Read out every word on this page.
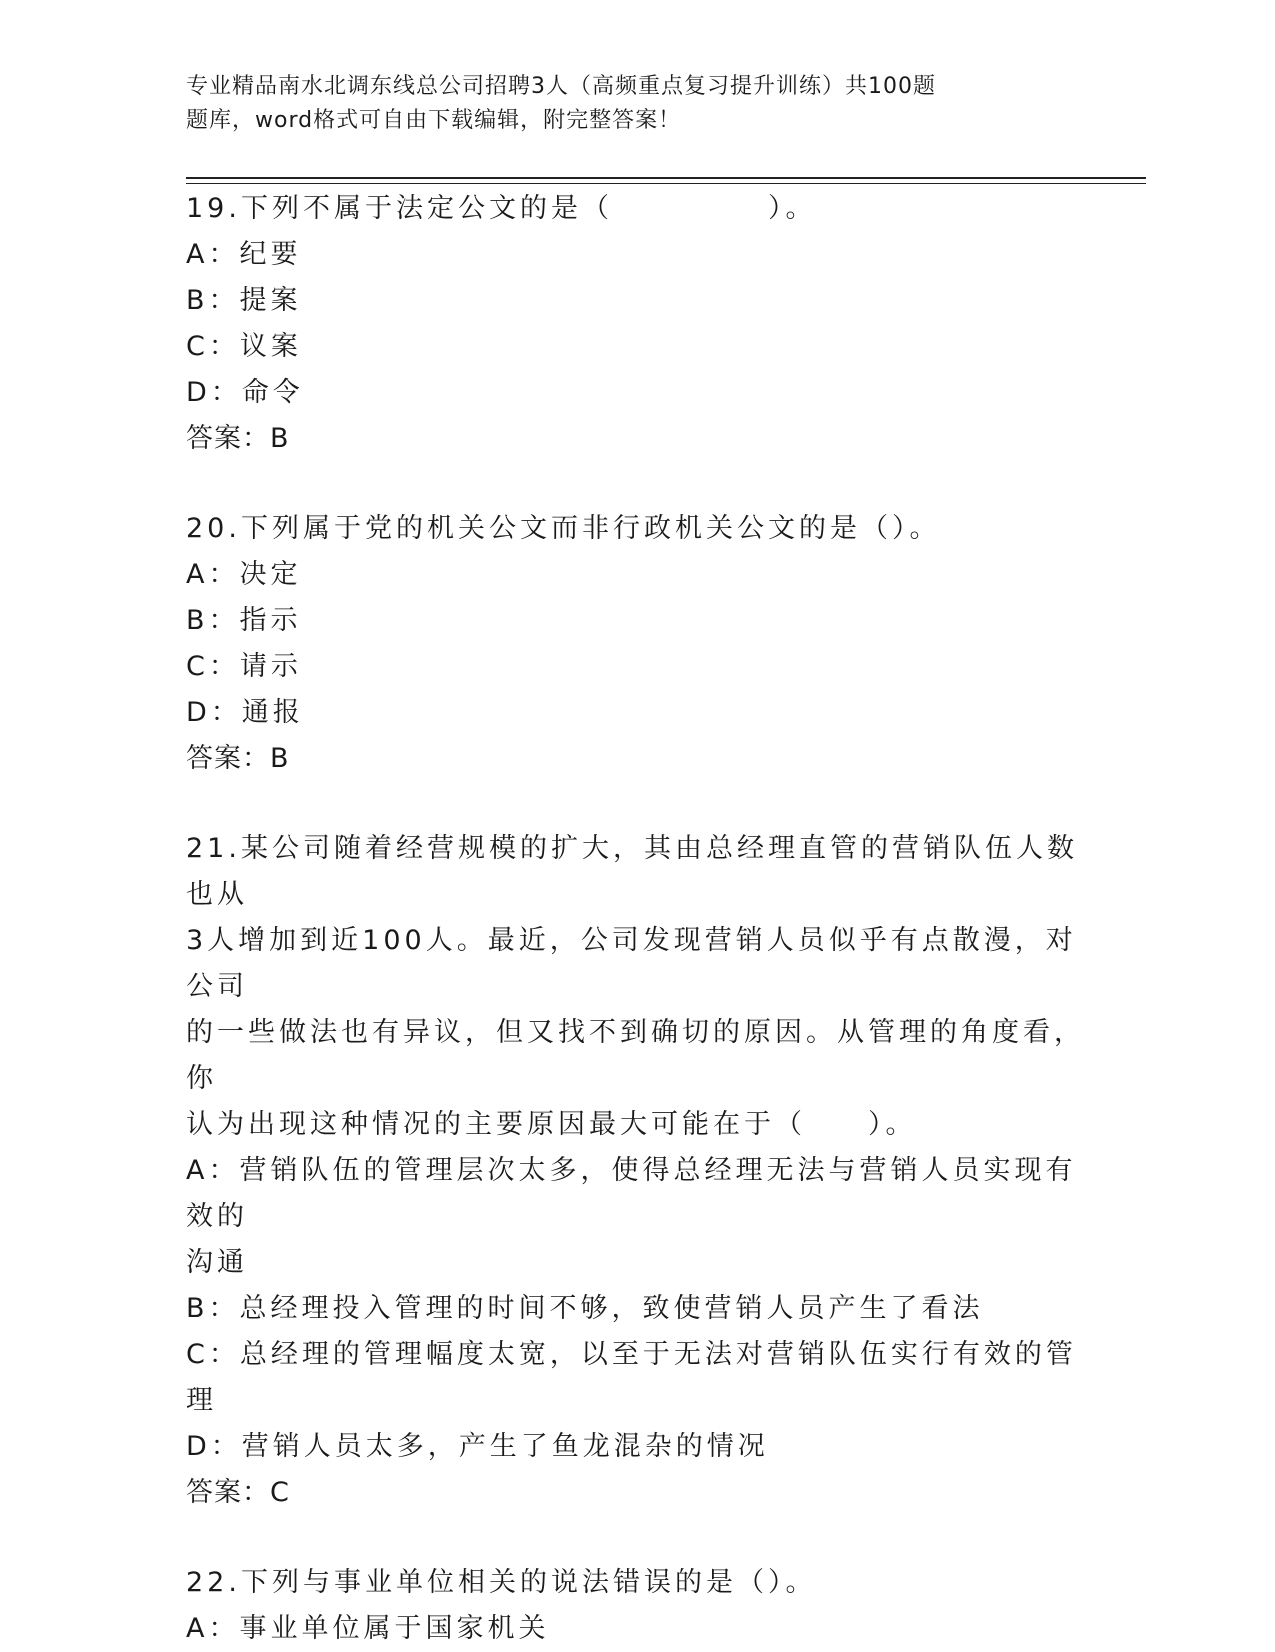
专业精品南水北调东线总公司招聘3人（高频重点复习提升训练）共100题
题库，word格式可自由下载编辑，附完整答案！

19.下列不属于法定公文的是（　　　　　）。

A：纪要

B：提案

C：议案

D：命令

答案：B

20.下列属于党的机关公文而非行政机关公文的是（）。

A：决定

B：指示

C：请示

D：通报

答案：B

21.某公司随着经营规模的扩大，其由总经理直管的营销队伍人数也从

3人增加到近100人。最近，公司发现营销人员似乎有点散漫，对公司

的一些做法也有异议，但又找不到确切的原因。从管理的角度看，你

认为出现这种情况的主要原因最大可能在于（　　）。

A：营销队伍的管理层次太多，使得总经理无法与营销人员实现有效的

沟通

B：总经理投入管理的时间不够，致使营销人员产生了看法

C：总经理的管理幅度太宽，以至于无法对营销队伍实行有效的管理

D：营销人员太多，产生了鱼龙混杂的情况

答案：C

22.下列与事业单位相关的说法错误的是（）。

A：事业单位属于国家机关
